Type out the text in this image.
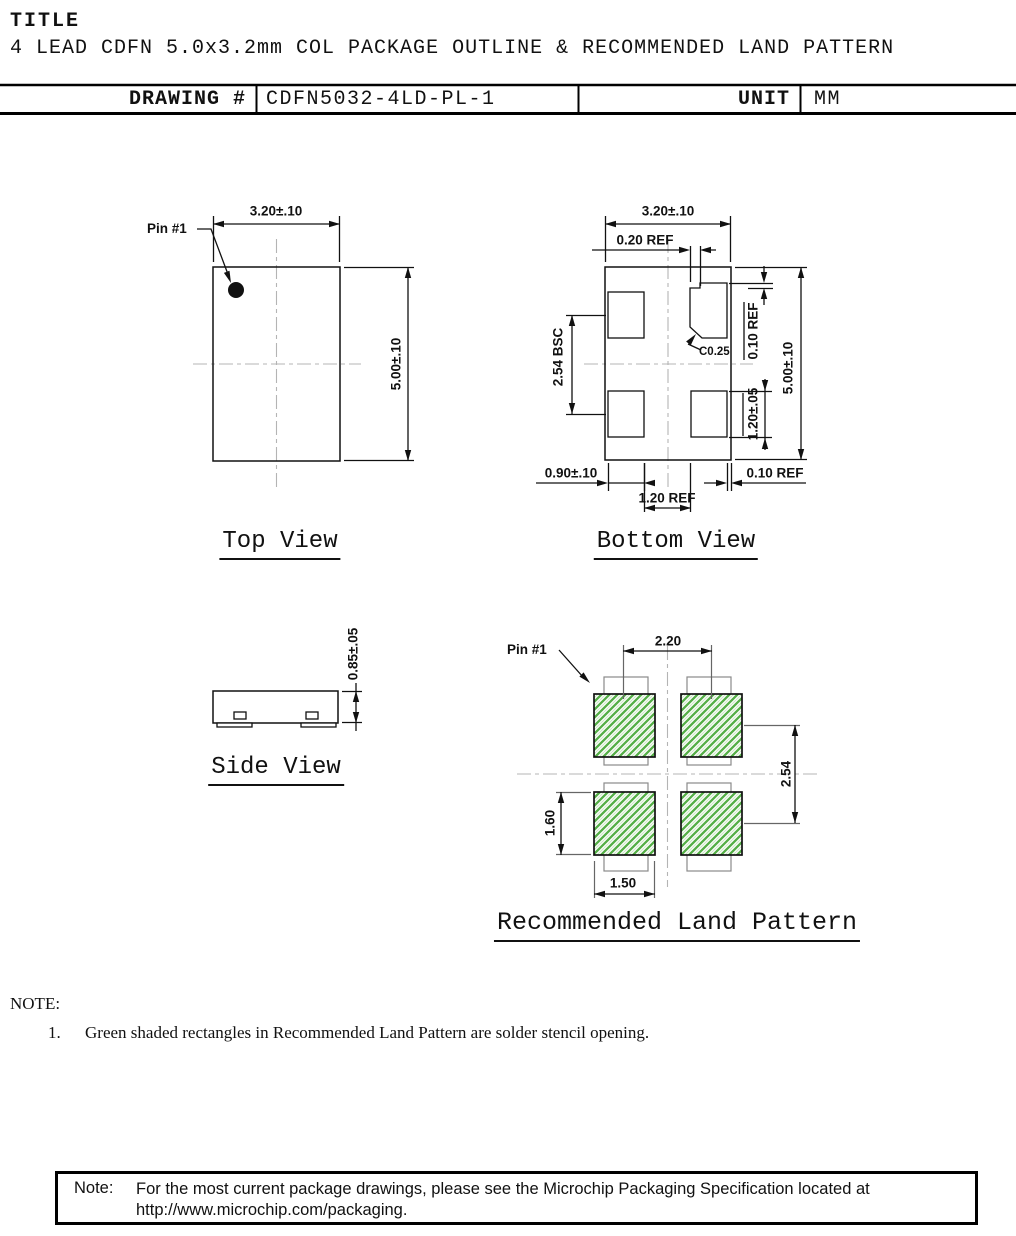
TITLE
4 LEAD CDFN 5.0x3.2mm COL PACKAGE OUTLINE & RECOMMENDED LAND PATTERN
DRAWING # CDFN5032-4LD-PL-1	UNIT MM
Pin #1
3.20±.10
5.00±.10
Top View
3.20±.10
0.20 REF
0.10 REF
C0.25
2.54 BSC
1.20±.05
5.00±.10
0.90±.10
1.20 REF
0.10 REF
Bottom View
0.85±.05
Side View
Pin #1
2.20
2.54
1.60
1.50
Recommended Land Pattern
NOTE:
1. Green shaded rectangles in Recommended Land Pattern are solder stencil opening.
Note:	For the most current package drawings, please see the Microchip Packaging Specification located at
http://www.microchip.com/packaging.
